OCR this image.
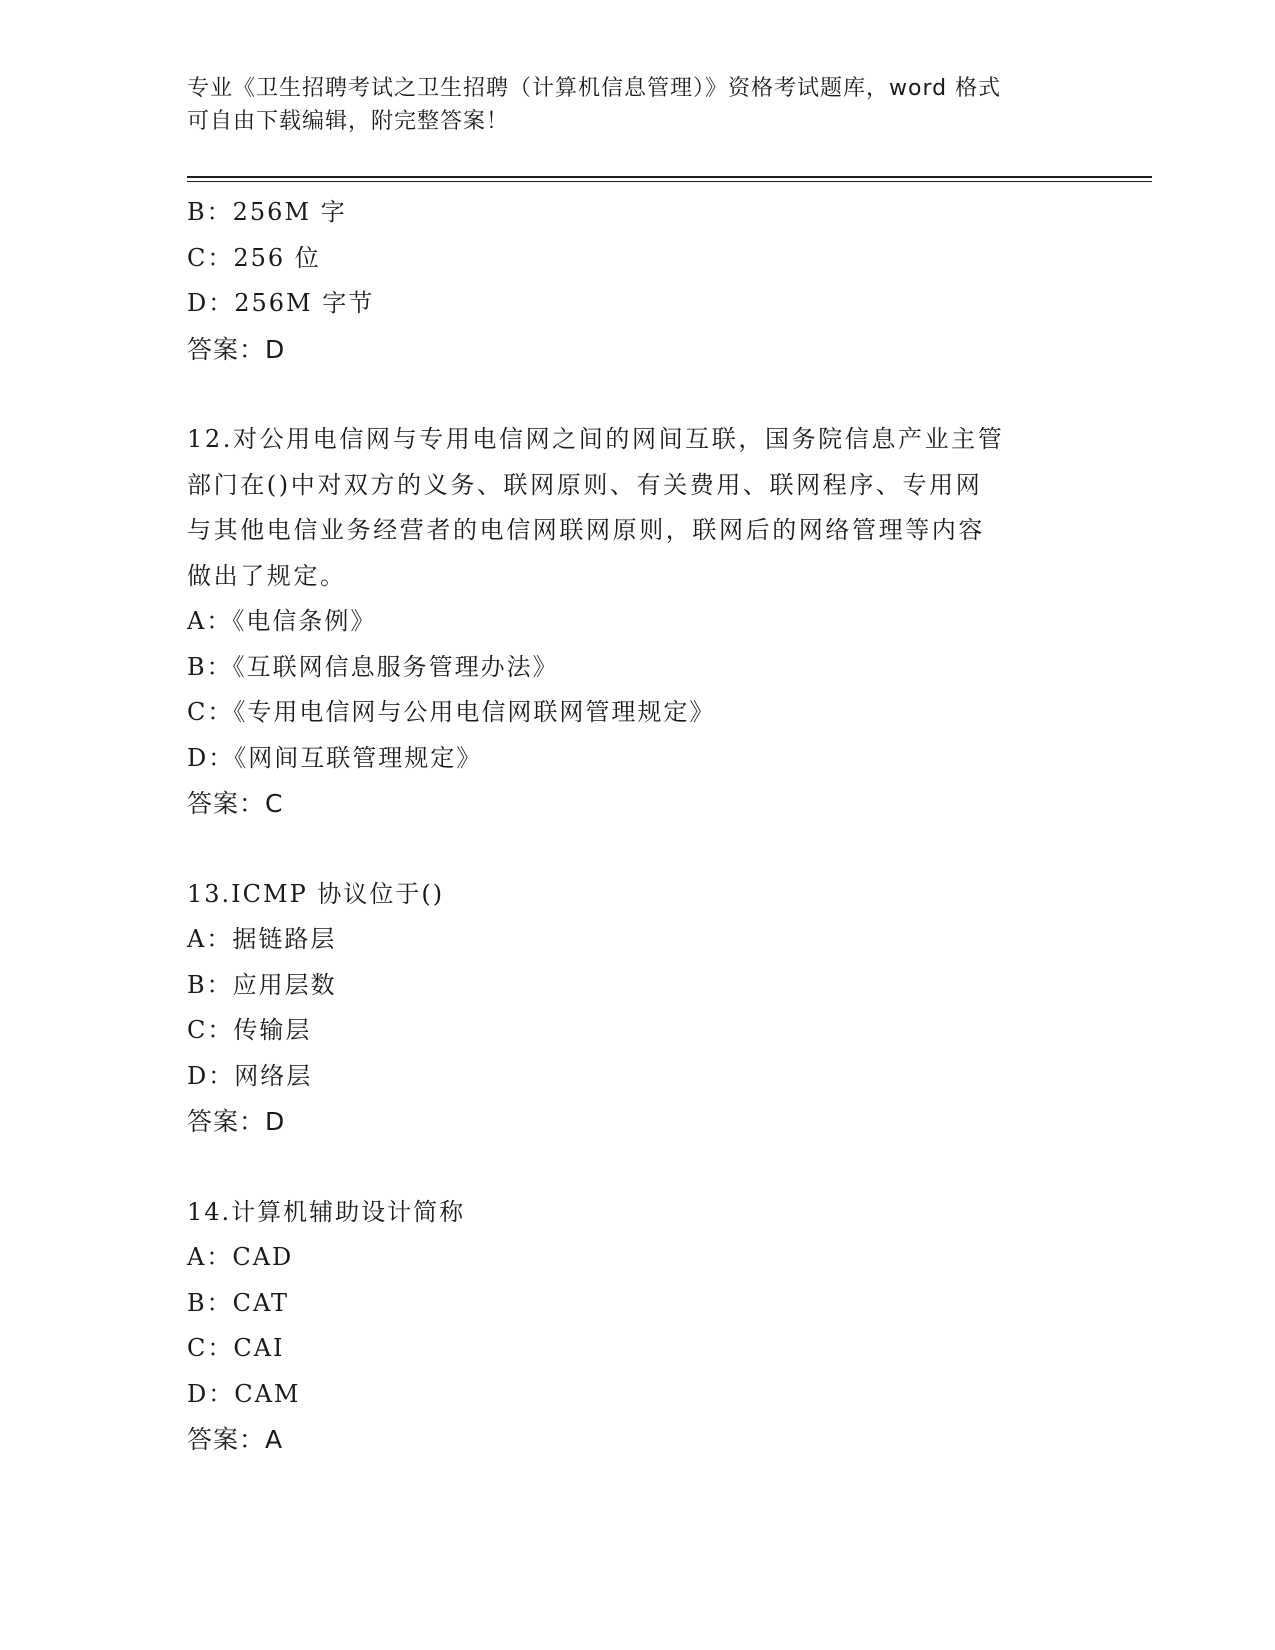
专业《卫生招聘考试之卫生招聘（计算机信息管理）》资格考试题库，word 格式
可自由下载编辑，附完整答案！
B：256M 字
C：256 位
D：256M 字节
答案：D
12.对公用电信网与专用电信网之间的网间互联，国务院信息产业主管
部门在()中对双方的义务、联网原则、有关费用、联网程序、专用网
与其他电信业务经营者的电信网联网原则，联网后的网络管理等内容
做出了规定。
A：《电信条例》
B：《互联网信息服务管理办法》
C：《专用电信网与公用电信网联网管理规定》
D：《网间互联管理规定》
答案：C
13.ICMP 协议位于()
A：据链路层
B：应用层数
C：传输层
D：网络层
答案：D
14.计算机辅助设计简称
A：CAD
B：CAT
C：CAI
D：CAM
答案：A
